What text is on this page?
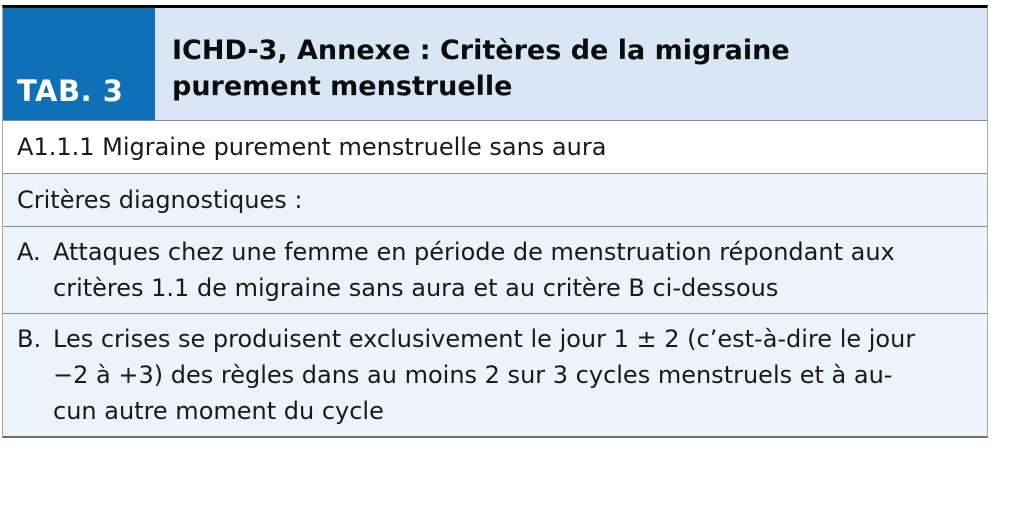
TAB. 3
ICHD-3, Annexe : Critères de la migraine
purement menstruelle
A1.1.1 Migraine purement menstruelle sans aura
Critères diagnostiques :
A. Attaques chez une femme en période de menstruation répondant aux
critères 1.1 de migraine sans aura et au critère B ci-dessous
B. Les crises se produisent exclusivement le jour 1 ± 2 (c’est-à-dire le jour
−2 à +3) des règles dans au moins 2 sur 3 cycles menstruels et à au-
cun autre moment du cycle
